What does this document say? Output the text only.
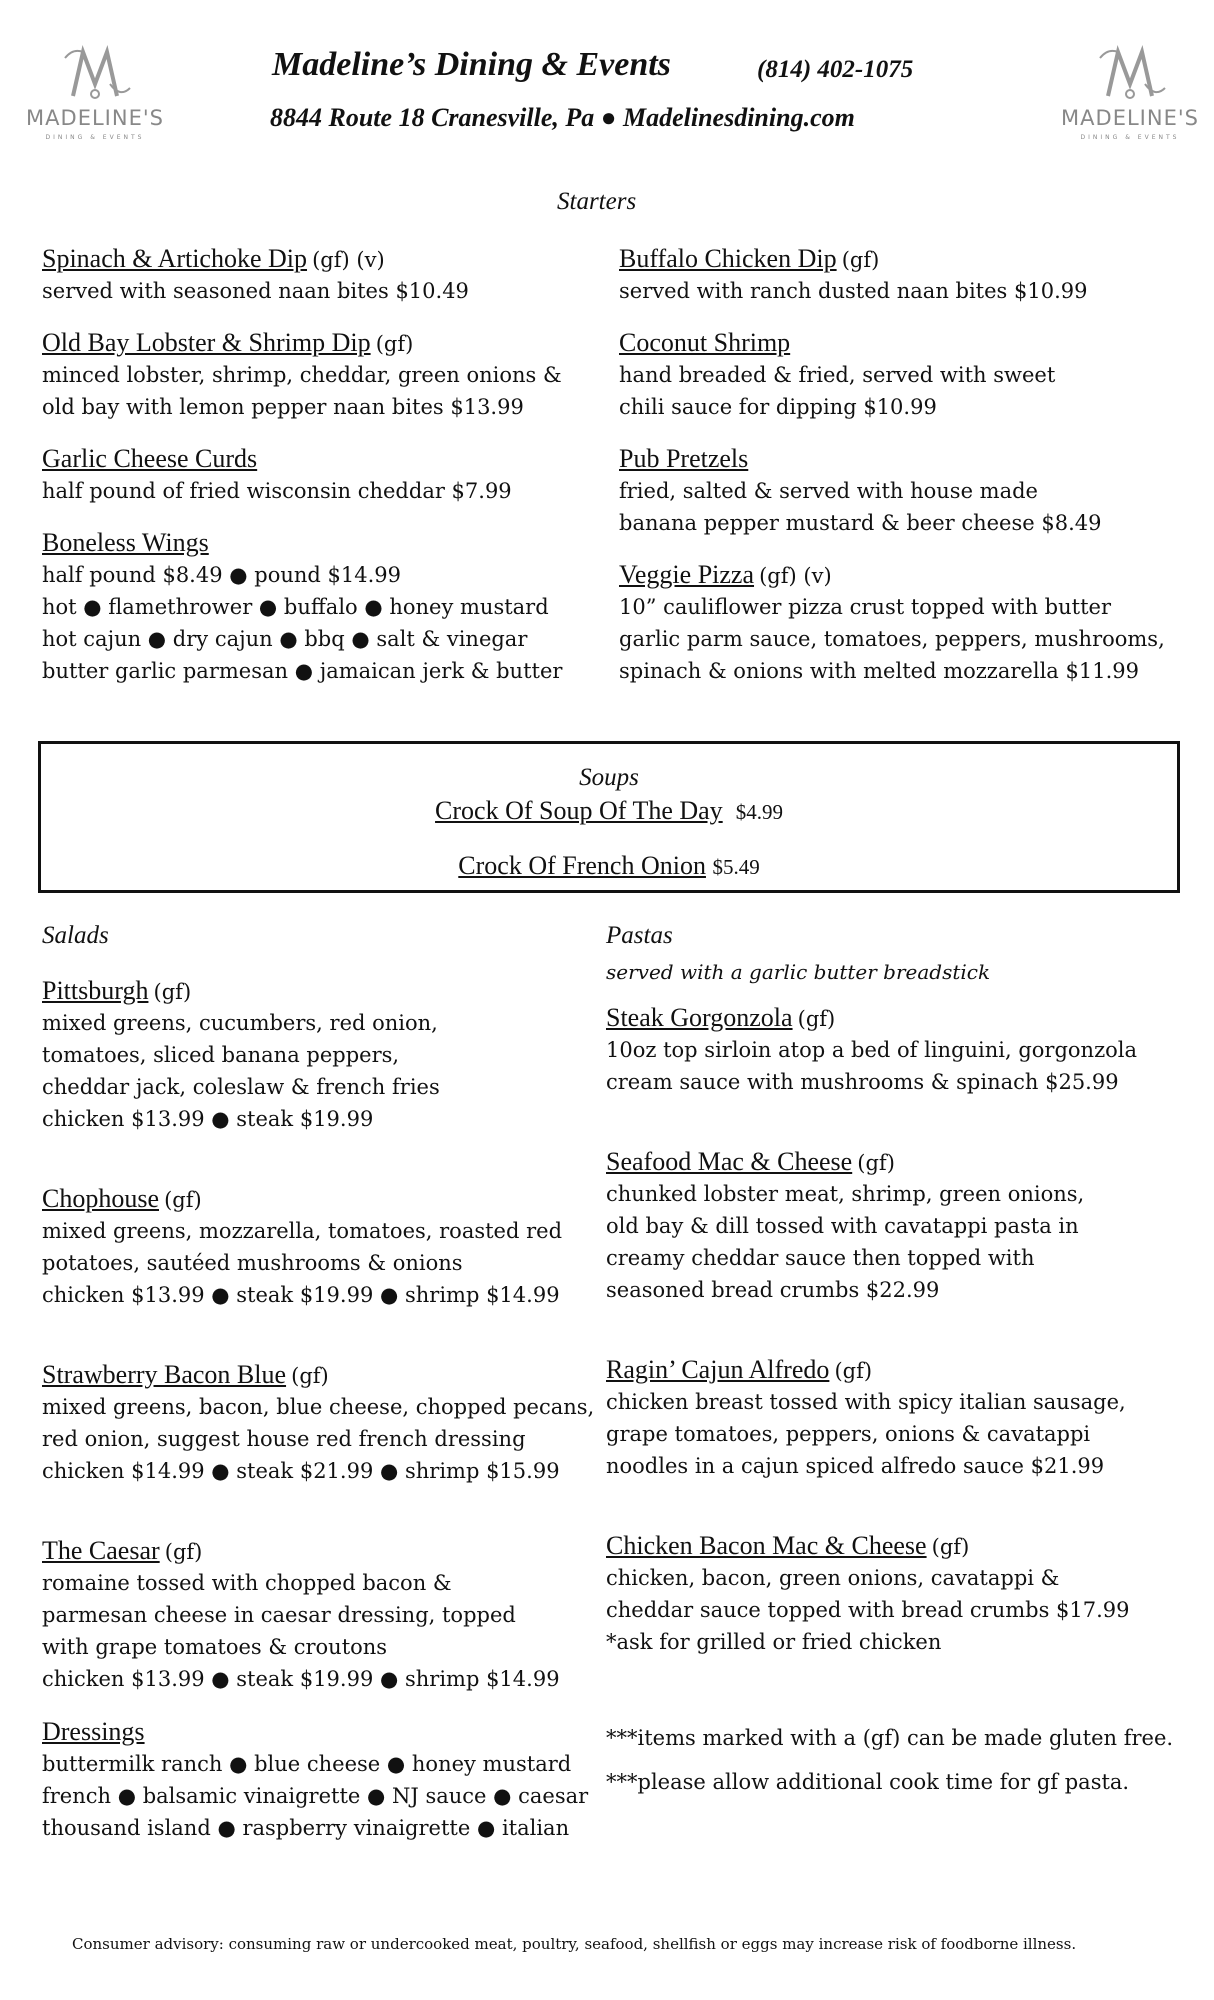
MADELINE'S
DINING & EVENTS
MADELINE'S
DINING & EVENTS
Madeline’s Dining & Events	(814) 402-1075
8844 Route 18 Cranesville, Pa ● Madelinesdining.com
Starters
Spinach & Artichoke Dip (gf) (v)
served with seasoned naan bites $10.49
Old Bay Lobster & Shrimp Dip (gf)
minced lobster, shrimp, cheddar, green onions &
old bay with lemon pepper naan bites $13.99
Garlic Cheese Curds
half pound of fried wisconsin cheddar $7.99
Boneless Wings
half pound $8.49 ● pound $14.99
hot ● flamethrower ● buffalo ● honey mustard
hot cajun ● dry cajun ● bbq ● salt & vinegar
butter garlic parmesan ● jamaican jerk & butter
Buffalo Chicken Dip (gf)
served with ranch dusted naan bites $10.99
Coconut Shrimp
hand breaded & fried, served with sweet
chili sauce for dipping $10.99
Pub Pretzels
fried, salted & served with house made
banana pepper mustard & beer cheese $8.49
Veggie Pizza (gf) (v)
10” cauliflower pizza crust topped with butter
garlic parm sauce, tomatoes, peppers, mushrooms,
spinach & onions with melted mozzarella $11.99
Soups
Crock Of Soup Of The Day $4.99
Crock Of French Onion $5.49
Salads
Pittsburgh (gf)
mixed greens, cucumbers, red onion,
tomatoes, sliced banana peppers,
cheddar jack, coleslaw & french fries
chicken $13.99 ● steak $19.99
Chophouse (gf)
mixed greens, mozzarella, tomatoes, roasted red
potatoes, sautéed mushrooms & onions
chicken $13.99 ● steak $19.99 ● shrimp $14.99
Strawberry Bacon Blue (gf)
mixed greens, bacon, blue cheese, chopped pecans,
red onion, suggest house red french dressing
chicken $14.99 ● steak $21.99 ● shrimp $15.99
The Caesar (gf)
romaine tossed with chopped bacon &
parmesan cheese in caesar dressing, topped
with grape tomatoes & croutons
chicken $13.99 ● steak $19.99 ● shrimp $14.99
Dressings
buttermilk ranch ● blue cheese ● honey mustard
french ● balsamic vinaigrette ● NJ sauce ● caesar
thousand island ● raspberry vinaigrette ● italian
Pastas
served with a garlic butter breadstick
Steak Gorgonzola (gf)
10oz top sirloin atop a bed of linguini, gorgonzola
cream sauce with mushrooms & spinach $25.99
Seafood Mac & Cheese (gf)
chunked lobster meat, shrimp, green onions,
old bay & dill tossed with cavatappi pasta in
creamy cheddar sauce then topped with
seasoned bread crumbs $22.99
Ragin’ Cajun Alfredo (gf)
chicken breast tossed with spicy italian sausage,
grape tomatoes, peppers, onions & cavatappi
noodles in a cajun spiced alfredo sauce $21.99
Chicken Bacon Mac & Cheese (gf)
chicken, bacon, green onions, cavatappi &
cheddar sauce topped with bread crumbs $17.99
*ask for grilled or fried chicken
***items marked with a (gf) can be made gluten free.
***please allow additional cook time for gf pasta.
Consumer advisory: consuming raw or undercooked meat, poultry, seafood, shellfish or eggs may increase risk of foodborne illness.
